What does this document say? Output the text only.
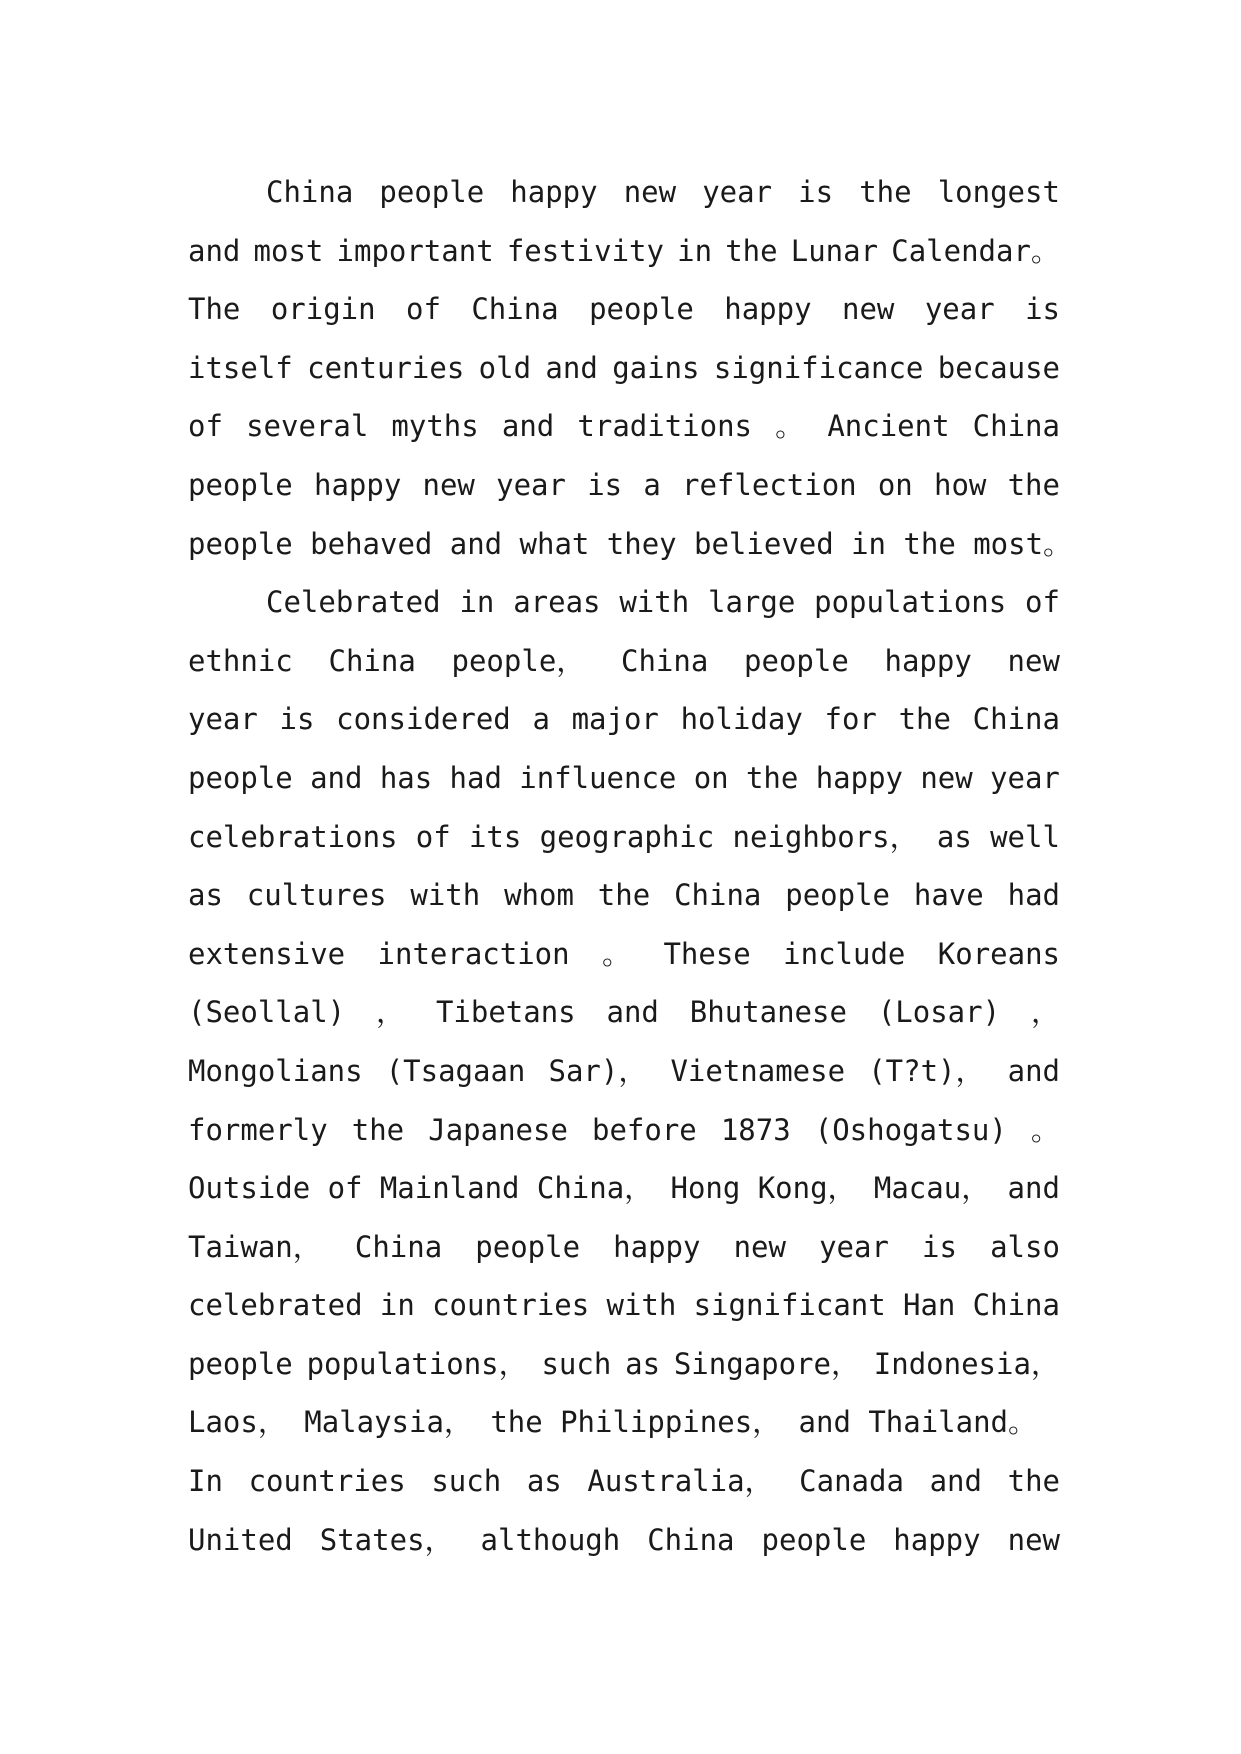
China people happy new year is the longest
and most important festivity in the Lunar Calendar。
The origin of China people happy new year is
itself centuries old and gains significance because
of several myths and traditions 。 Ancient China
people happy new year is a reflection on how the
people behaved and what they believed in the most。
Celebrated in areas with large populations of
ethnic China people， China people happy new
year is considered a major holiday for the China
people and has had influence on the happy new year
celebrations of its geographic neighbors， as well
as cultures with whom the China people have had
extensive interaction 。 These include Koreans
(Seollal) ， Tibetans and Bhutanese (Losar) ，
Mongolians (Tsagaan Sar)， Vietnamese (T?t)， and
formerly the Japanese before 1873 (Oshogatsu) 。
Outside of Mainland China， Hong Kong， Macau， and
Taiwan， China people happy new year is also
celebrated in countries with significant Han China
people populations， such as Singapore， Indonesia，
Laos， Malaysia， the Philippines， and Thailand。
In countries such as Australia， Canada and the
United States， although China people happy new
